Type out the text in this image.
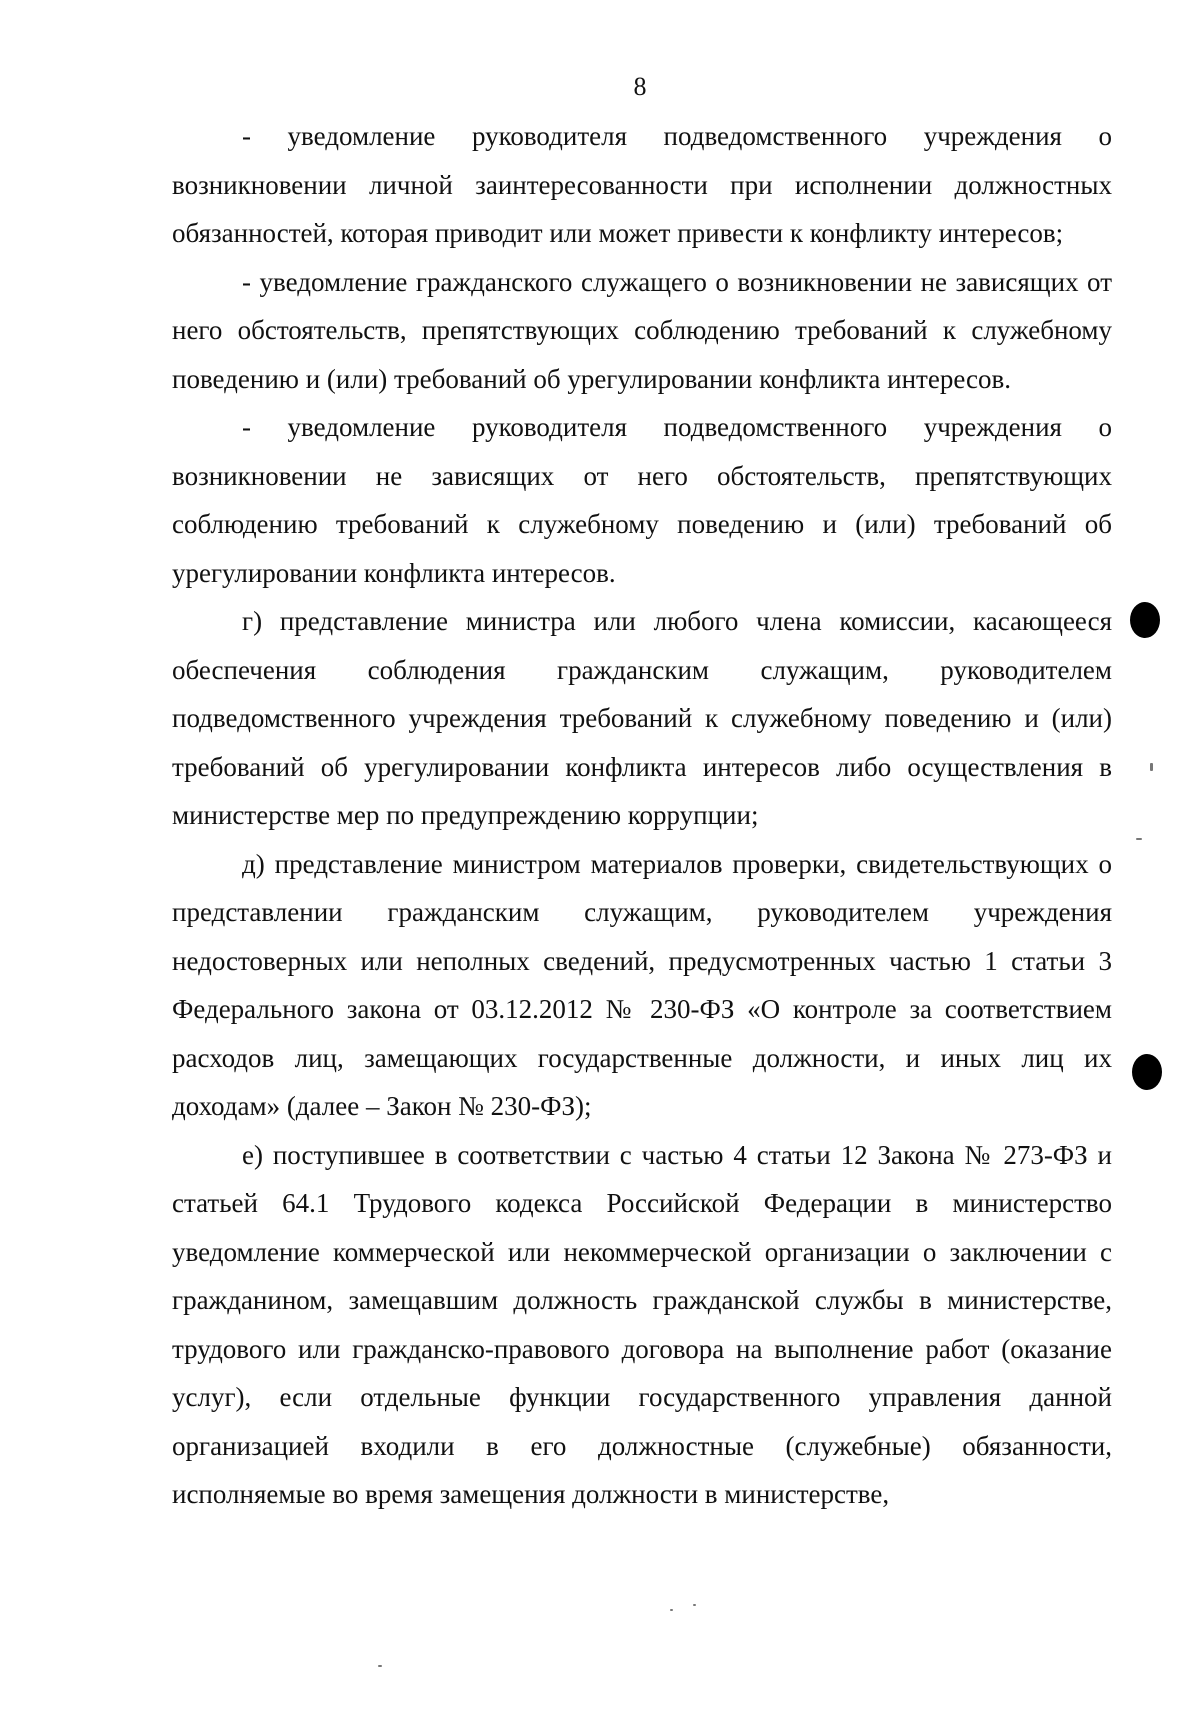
8

- уведомление руководителя подведомственного учреждения о возникновении личной заинтересованности при исполнении должностных обязанностей, которая приводит или может привести к конфликту интересов;

- уведомление гражданского служащего о возникновении не зависящих от него обстоятельств, препятствующих соблюдению требований к служебному поведению и (или) требований об урегулировании конфликта интересов.

- уведомление руководителя подведомственного учреждения о возникновении не зависящих от него обстоятельств, препятствующих соблюдению требований к служебному поведению и (или) требований об урегулировании конфликта интересов.

г) представление министра или любого члена комиссии, касающееся обеспечения соблюдения гражданским служащим, руководителем подведомственного учреждения требований к служебному поведению и (или) требований об урегулировании конфликта интересов либо осуществления в министерстве мер по предупреждению коррупции;

д) представление министром материалов проверки, свидетельствующих о представлении гражданским служащим, руководителем учреждения недостоверных или неполных сведений, предусмотренных частью 1 статьи 3 Федерального закона от 03.12.2012 № 230-ФЗ «О контроле за соответствием расходов лиц, замещающих государственные должности, и иных лиц их доходам» (далее – Закон № 230-ФЗ);

е) поступившее в соответствии с частью 4 статьи 12 Закона № 273-ФЗ и статьей 64.1 Трудового кодекса Российской Федерации в министерство уведомление коммерческой или некоммерческой организации о заключении с гражданином, замещавшим должность гражданской службы в министерстве, трудового или гражданско-правового договора на выполнение работ (оказание услуг), если отдельные функции государственного управления данной организацией входили в его должностные (служебные) обязанности, исполняемые во время замещения должности в министерстве,
